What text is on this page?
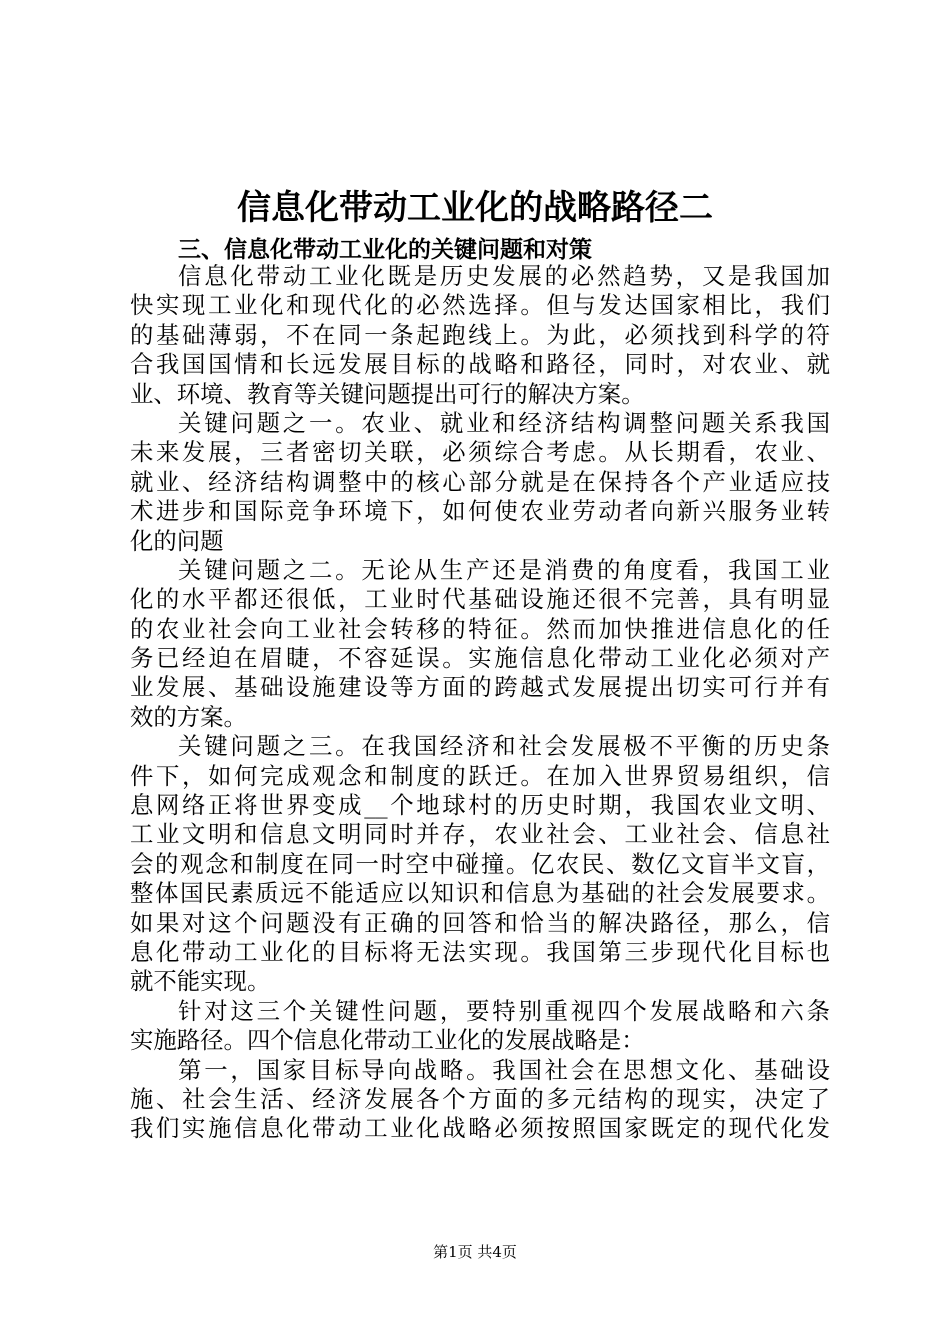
信息化带动工业化的战略路径二
三、信息化带动工业化的关键问题和对策
信息化带动工业化既是历史发展的必然趋势，又是我国加
快实现工业化和现代化的必然选择。但与发达国家相比，我们
的基础薄弱，不在同一条起跑线上。为此，必须找到科学的符
合我国国情和长远发展目标的战略和路径，同时，对农业、就
业、环境、教育等关键问题提出可行的解决方案。
关键问题之一。农业、就业和经济结构调整问题关系我国
未来发展，三者密切关联，必须综合考虑。从长期看，农业、
就业、经济结构调整中的核心部分就是在保持各个产业适应技
术进步和国际竞争环境下，如何使农业劳动者向新兴服务业转
化的问题
关键问题之二。无论从生产还是消费的角度看，我国工业
化的水平都还很低，工业时代基础设施还很不完善，具有明显
的农业社会向工业社会转移的特征。然而加快推进信息化的任
务已经迫在眉睫，不容延误。实施信息化带动工业化必须对产
业发展、基础设施建设等方面的跨越式发展提出切实可行并有
效的方案。
关键问题之三。在我国经济和社会发展极不平衡的历史条
件下，如何完成观念和制度的跃迁。在加入世界贸易组织，信
息网络正将世界变成__个地球村的历史时期，我国农业文明、
工业文明和信息文明同时并存，农业社会、工业社会、信息社
会的观念和制度在同一时空中碰撞。亿农民、数亿文盲半文盲，
整体国民素质远不能适应以知识和信息为基础的社会发展要求。
如果对这个问题没有正确的回答和恰当的解决路径，那么，信
息化带动工业化的目标将无法实现。我国第三步现代化目标也
就不能实现。
针对这三个关键性问题，要特别重视四个发展战略和六条
实施路径。四个信息化带动工业化的发展战略是：
第一，国家目标导向战略。我国社会在思想文化、基础设
施、社会生活、经济发展各个方面的多元结构的现实，决定了
我们实施信息化带动工业化战略必须按照国家既定的现代化发
第1页 共4页
